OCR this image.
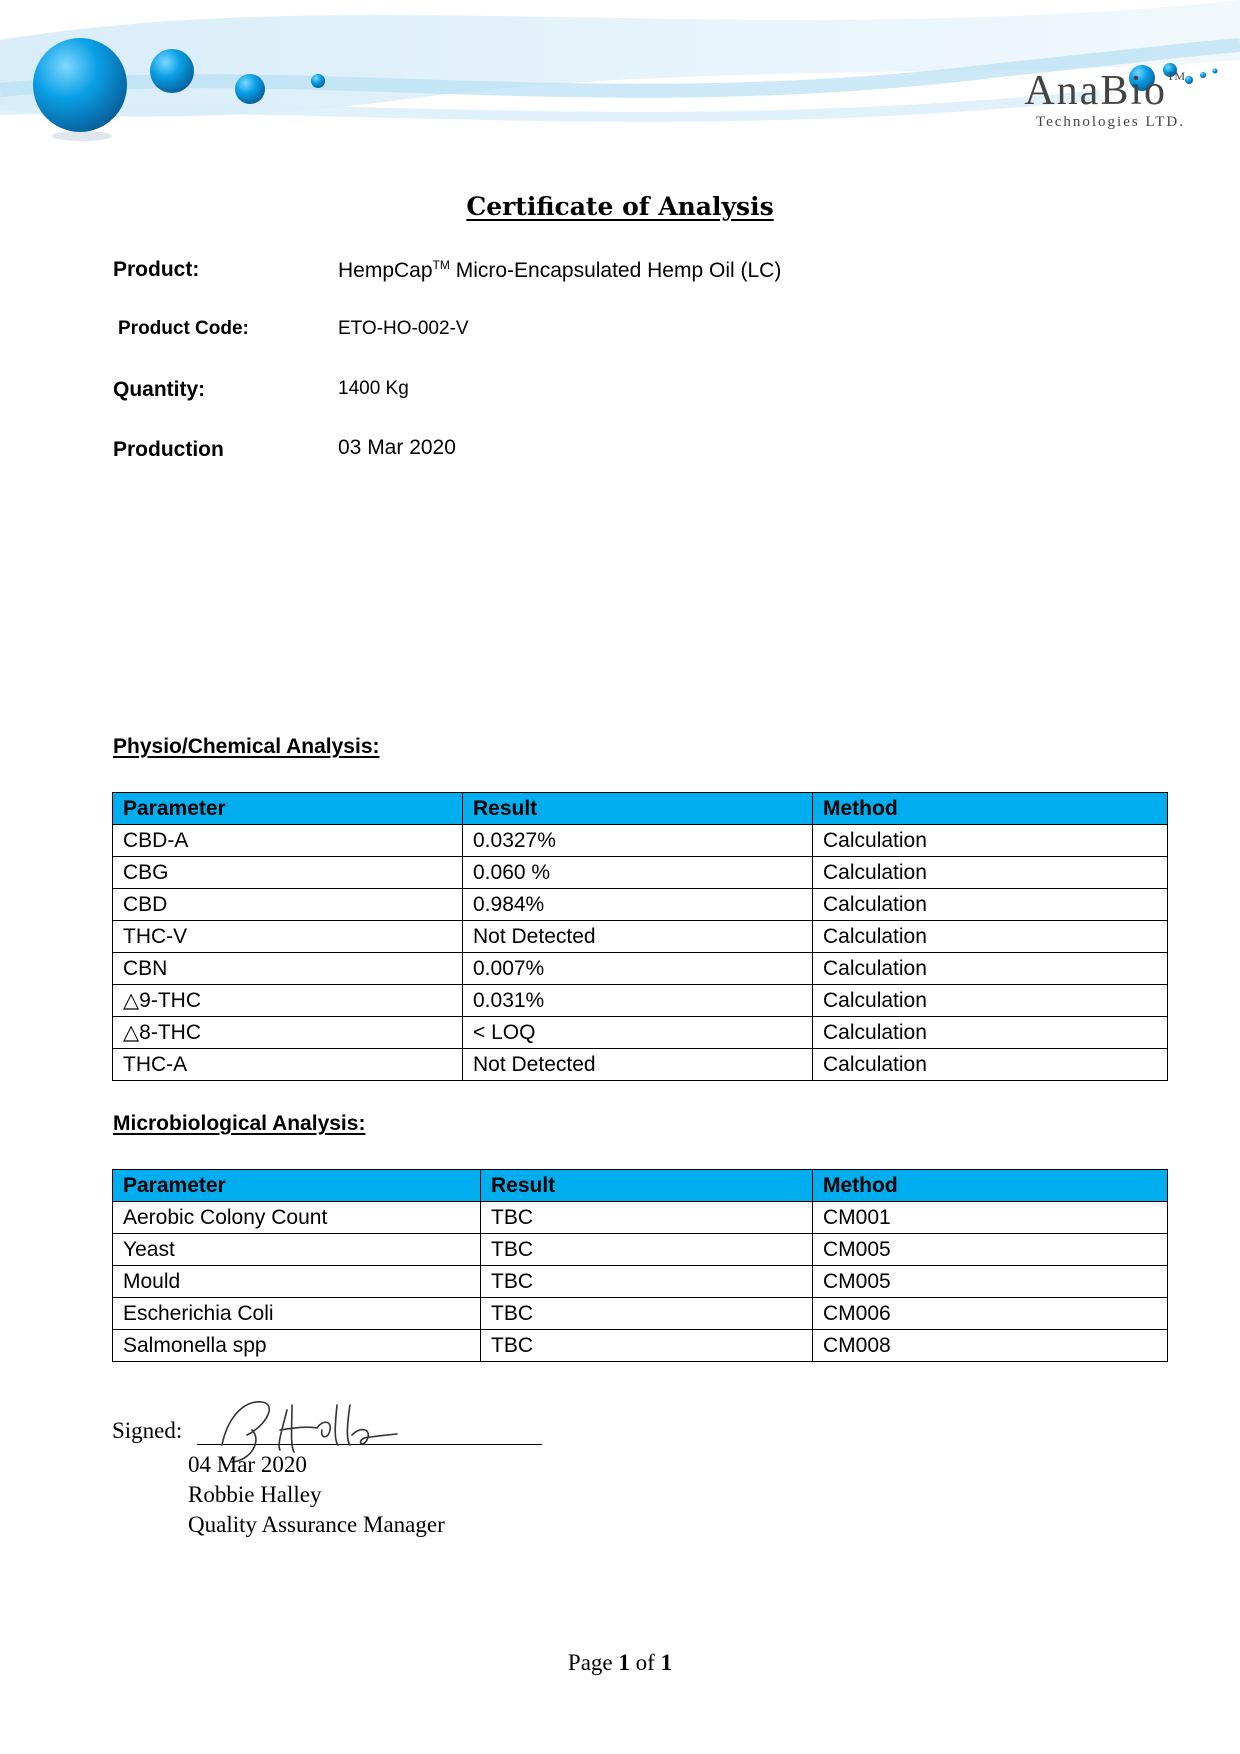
AnaBio™
Technologies LTD.
Certificate of Analysis
Product:	HempCap™ Micro-Encapsulated Hemp Oil (LC)
Product Code:	ETO-HO-002-V
Quantity:	1400 Kg
Production	03 Mar 2020
Physio/Chemical Analysis:
Parameter	Result	Method
CBD-A	0.0327%	Calculation
CBG	0.060 %	Calculation
CBD	0.984%	Calculation
THC-V	Not Detected	Calculation
CBN	0.007%	Calculation
△9-THC	0.031%	Calculation
△8-THC	< LOQ	Calculation
THC-A	Not Detected	Calculation
Microbiological Analysis:
Parameter	Result	Method
Aerobic Colony Count	TBC	CM001
Yeast	TBC	CM005
Mould	TBC	CM005
Escherichia Coli	TBC	CM006
Salmonella spp	TBC	CM008
Signed:
04 Mar 2020
Robbie Halley
Quality Assurance Manager
Page 1 of 1
